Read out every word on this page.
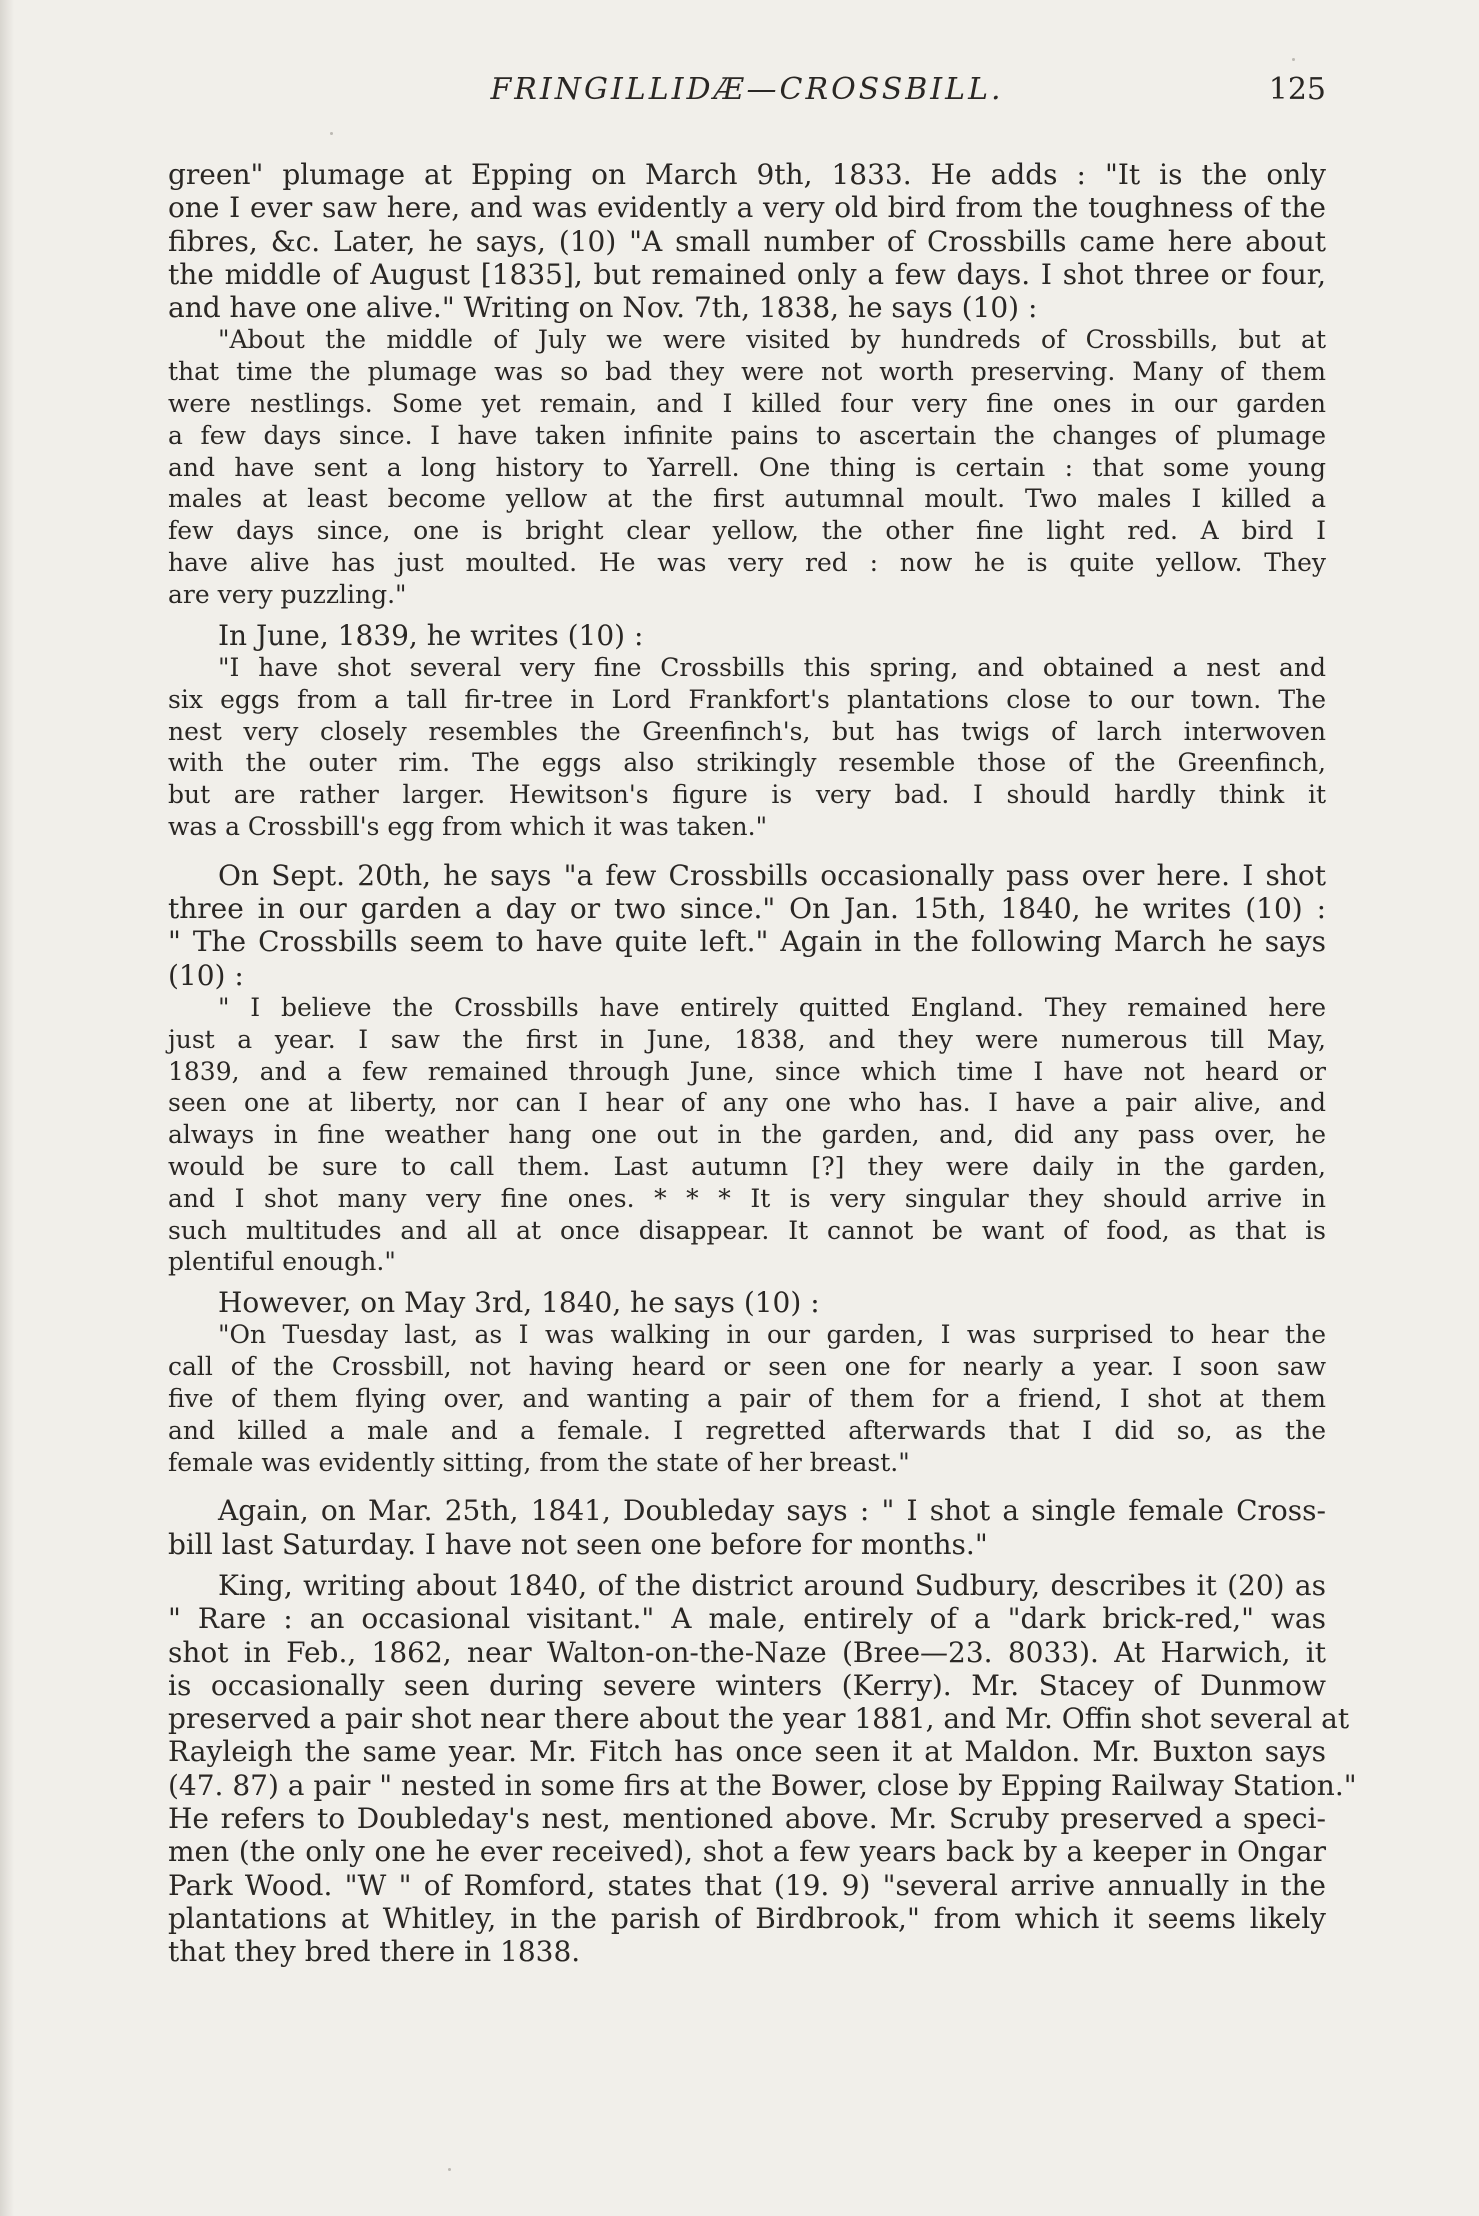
FRINGILLIDÆ—CROSSBILL.	125
green" plumage at Epping on March 9th, 1833. He adds : "It is the only
one I ever saw here, and was evidently a very old bird from the toughness of the
fibres, &c. Later, he says, (10) "A small number of Crossbills came here about
the middle of August [1835], but remained only a few days. I shot three or four,
and have one alive." Writing on Nov. 7th, 1838, he says (10) :
"About the middle of July we were visited by hundreds of Crossbills, but at
that time the plumage was so bad they were not worth preserving. Many of them
were nestlings. Some yet remain, and I killed four very fine ones in our garden
a few days since. I have taken infinite pains to ascertain the changes of plumage
and have sent a long history to Yarrell. One thing is certain : that some young
males at least become yellow at the first autumnal moult. Two males I killed a
few days since, one is bright clear yellow, the other fine light red. A bird I
have alive has just moulted. He was very red : now he is quite yellow. They
are very puzzling."
In June, 1839, he writes (10) :
"I have shot several very fine Crossbills this spring, and obtained a nest and
six eggs from a tall fir-tree in Lord Frankfort's plantations close to our town. The
nest very closely resembles the Greenfinch's, but has twigs of larch interwoven
with the outer rim. The eggs also strikingly resemble those of the Greenfinch,
but are rather larger. Hewitson's figure is very bad. I should hardly think it
was a Crossbill's egg from which it was taken."
On Sept. 20th, he says "a few Crossbills occasionally pass over here. I shot
three in our garden a day or two since." On Jan. 15th, 1840, he writes (10) :
" The Crossbills seem to have quite left." Again in the following March he says
(10) :
" I believe the Crossbills have entirely quitted England. They remained here
just a year. I saw the first in June, 1838, and they were numerous till May,
1839, and a few remained through June, since which time I have not heard or
seen one at liberty, nor can I hear of any one who has. I have a pair alive, and
always in fine weather hang one out in the garden, and, did any pass over, he
would be sure to call them. Last autumn [?] they were daily in the garden,
and I shot many very fine ones. * * * It is very singular they should arrive in
such multitudes and all at once disappear. It cannot be want of food, as that is
plentiful enough."
However, on May 3rd, 1840, he says (10) :
"On Tuesday last, as I was walking in our garden, I was surprised to hear the
call of the Crossbill, not having heard or seen one for nearly a year. I soon saw
five of them flying over, and wanting a pair of them for a friend, I shot at them
and killed a male and a female. I regretted afterwards that I did so, as the
female was evidently sitting, from the state of her breast."
Again, on Mar. 25th, 1841, Doubleday says : " I shot a single female Cross-
bill last Saturday. I have not seen one before for months."
King, writing about 1840, of the district around Sudbury, describes it (20) as
" Rare : an occasional visitant." A male, entirely of a "dark brick-red," was
shot in Feb., 1862, near Walton-on-the-Naze (Bree—23. 8033). At Harwich, it
is occasionally seen during severe winters (Kerry). Mr. Stacey of Dunmow
preserved a pair shot near there about the year 1881, and Mr. Offin shot several at
Rayleigh the same year. Mr. Fitch has once seen it at Maldon. Mr. Buxton says
(47. 87) a pair " nested in some firs at the Bower, close by Epping Railway Station."
He refers to Doubleday's nest, mentioned above. Mr. Scruby preserved a speci-
men (the only one he ever received), shot a few years back by a keeper in Ongar
Park Wood. "W " of Romford, states that (19. 9) "several arrive annually in the
plantations at Whitley, in the parish of Birdbrook," from which it seems likely
that they bred there in 1838.
